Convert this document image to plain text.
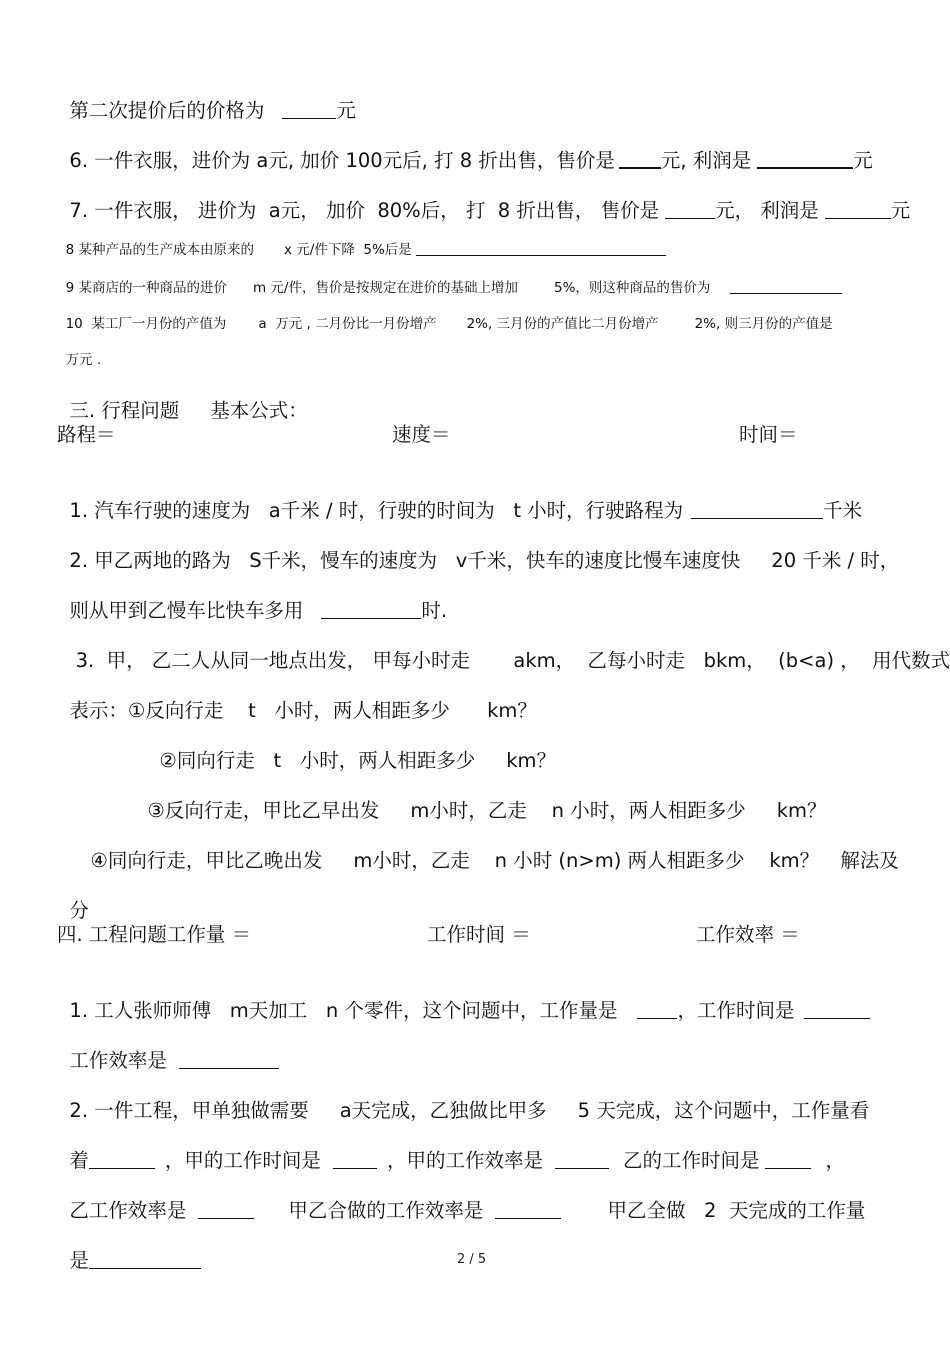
第二次提价后的价格为	元

6. 一件衣服，进价为 a元, 加价 100元后, 打 8 折出售，售价是 元, 利润是	元

7. 一件衣服， 进价为  a元， 加价  80%后， 打  8 折出售， 售价是	元， 利润是	元

8 某种产品的生产成本由原来的 x 元/件下降  5%后是

9 某商店的一种商品的进价 m 元/件，售价是按规定在进价的基础上增加	5%，则这种商品的售价为

10  某工厂一月份的产值为 a  万元 , 二月份比一月份增产 2%, 三月份的产值比二月份增产	2%, 则三月份的产值是

万元 .

三. 行程问题     基本公式：

路程＝	速度＝	时间＝

1. 汽车行驶的速度为   a千米 / 时，行驶的时间为   t 小时，行驶路程为	千米

2. 甲乙两地的路为   S千米，慢车的速度为   v千米，快车的速度比慢车速度快     20 千米 / 时，

则从甲到乙慢车比快车多用	时.

3.  甲， 乙二人从同一地点出发， 甲每小时走       akm，  乙每小时走   bkm，  (b<a) ，  用代数式

表示：①反向行走    t   小时，两人相距多少      km？

②同向行走   t   小时，两人相距多少     km？

③反向行走，甲比乙早出发     m小时，乙走    n 小时，两人相距多少     km？

④同向行走，甲比乙晚出发     m小时，乙走    n 小时 (n>m) 两人相距多少    km？	解法及

分

四. 工程问题工作量 ＝	工作时间 ＝	工作效率 ＝

1. 工人张师师傅   m天加工   n 个零件，这个问题中，工作量是	，工作时间是

工作效率是

2. 一件工程，甲单独做需要     a天完成，乙独做比甲多     5 天完成，这个问题中，工作量看

着	，甲的工作时间是	，甲的工作效率是	乙的工作时间是	，

乙工作效率是	甲乙合做的工作效率是	甲乙全做   2  天完成的工作量

是	2 / 5
